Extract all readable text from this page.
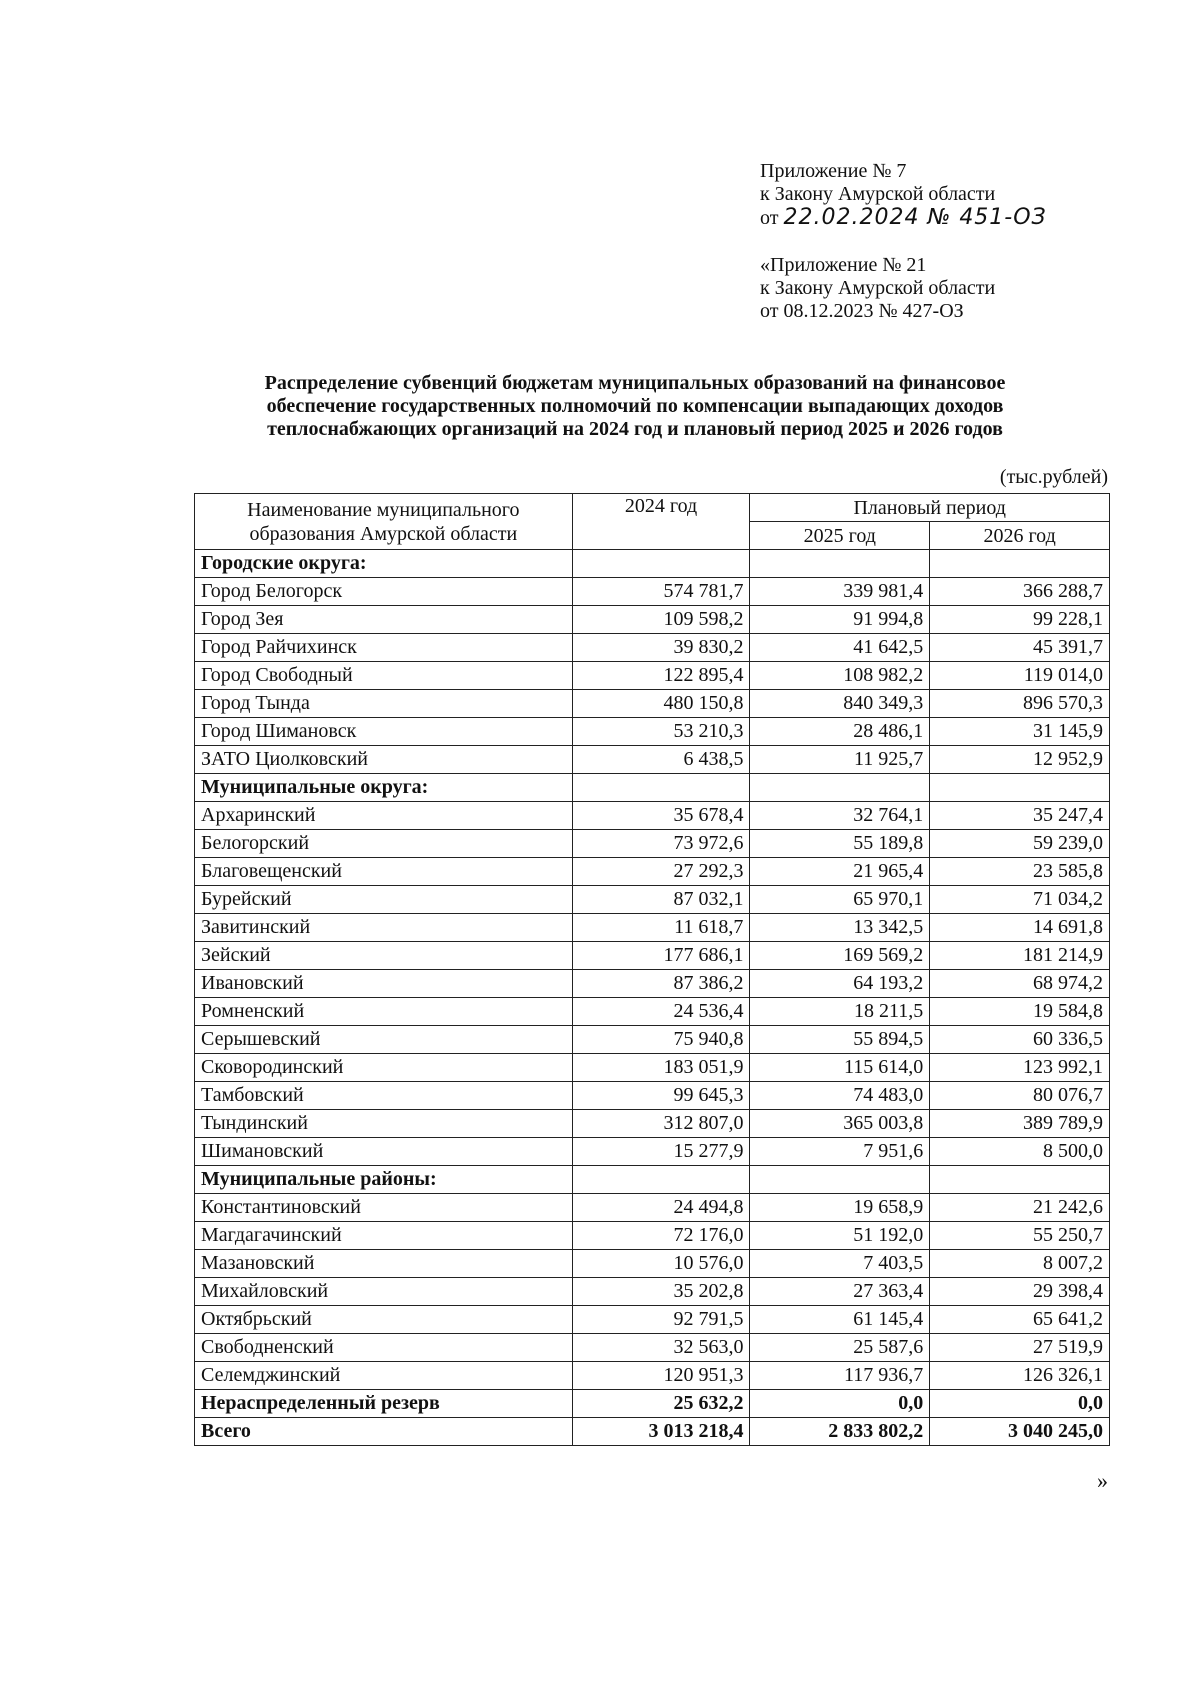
Приложение № 7
к Закону Амурской области
от 22.02.2024 № 451-ОЗ
«Приложение № 21
к Закону Амурской области
от 08.12.2023 № 427-ОЗ
Распределение субвенций бюджетам муниципальных образований на финансовое
обеспечение государственных полномочий по компенсации выпадающих доходов
теплоснабжающих организаций на 2024 год и плановый период 2025 и 2026 годов
(тыс.рублей)
Наименование муниципального
образования Амурской области	2024 год	Плановый период	
		2025 год	2026 год
Городские округа:			
Город Белогорск	574 781,7	339 981,4	366 288,7
Город Зея	109 598,2	91 994,8	99 228,1
Город Райчихинск	39 830,2	41 642,5	45 391,7
Город Свободный	122 895,4	108 982,2	119 014,0
Город Тында	480 150,8	840 349,3	896 570,3
Город Шимановск	53 210,3	28 486,1	31 145,9
ЗАТО Циолковский	6 438,5	11 925,7	12 952,9
Муниципальные округа:			
Архаринский	35 678,4	32 764,1	35 247,4
Белогорский	73 972,6	55 189,8	59 239,0
Благовещенский	27 292,3	21 965,4	23 585,8
Бурейский	87 032,1	65 970,1	71 034,2
Завитинский	11 618,7	13 342,5	14 691,8
Зейский	177 686,1	169 569,2	181 214,9
Ивановский	87 386,2	64 193,2	68 974,2
Ромненский	24 536,4	18 211,5	19 584,8
Серышевский	75 940,8	55 894,5	60 336,5
Сковородинский	183 051,9	115 614,0	123 992,1
Тамбовский	99 645,3	74 483,0	80 076,7
Тындинский	312 807,0	365 003,8	389 789,9
Шимановский	15 277,9	7 951,6	8 500,0
Муниципальные районы:			
Константиновский	24 494,8	19 658,9	21 242,6
Магдагачинский	72 176,0	51 192,0	55 250,7
Мазановский	10 576,0	7 403,5	8 007,2
Михайловский	35 202,8	27 363,4	29 398,4
Октябрьский	92 791,5	61 145,4	65 641,2
Свободненский	32 563,0	25 587,6	27 519,9
Селемджинский	120 951,3	117 936,7	126 326,1
Нераспределенный резерв	25 632,2	0,0	0,0
Всего	3 013 218,4	2 833 802,2	3 040 245,0
»
